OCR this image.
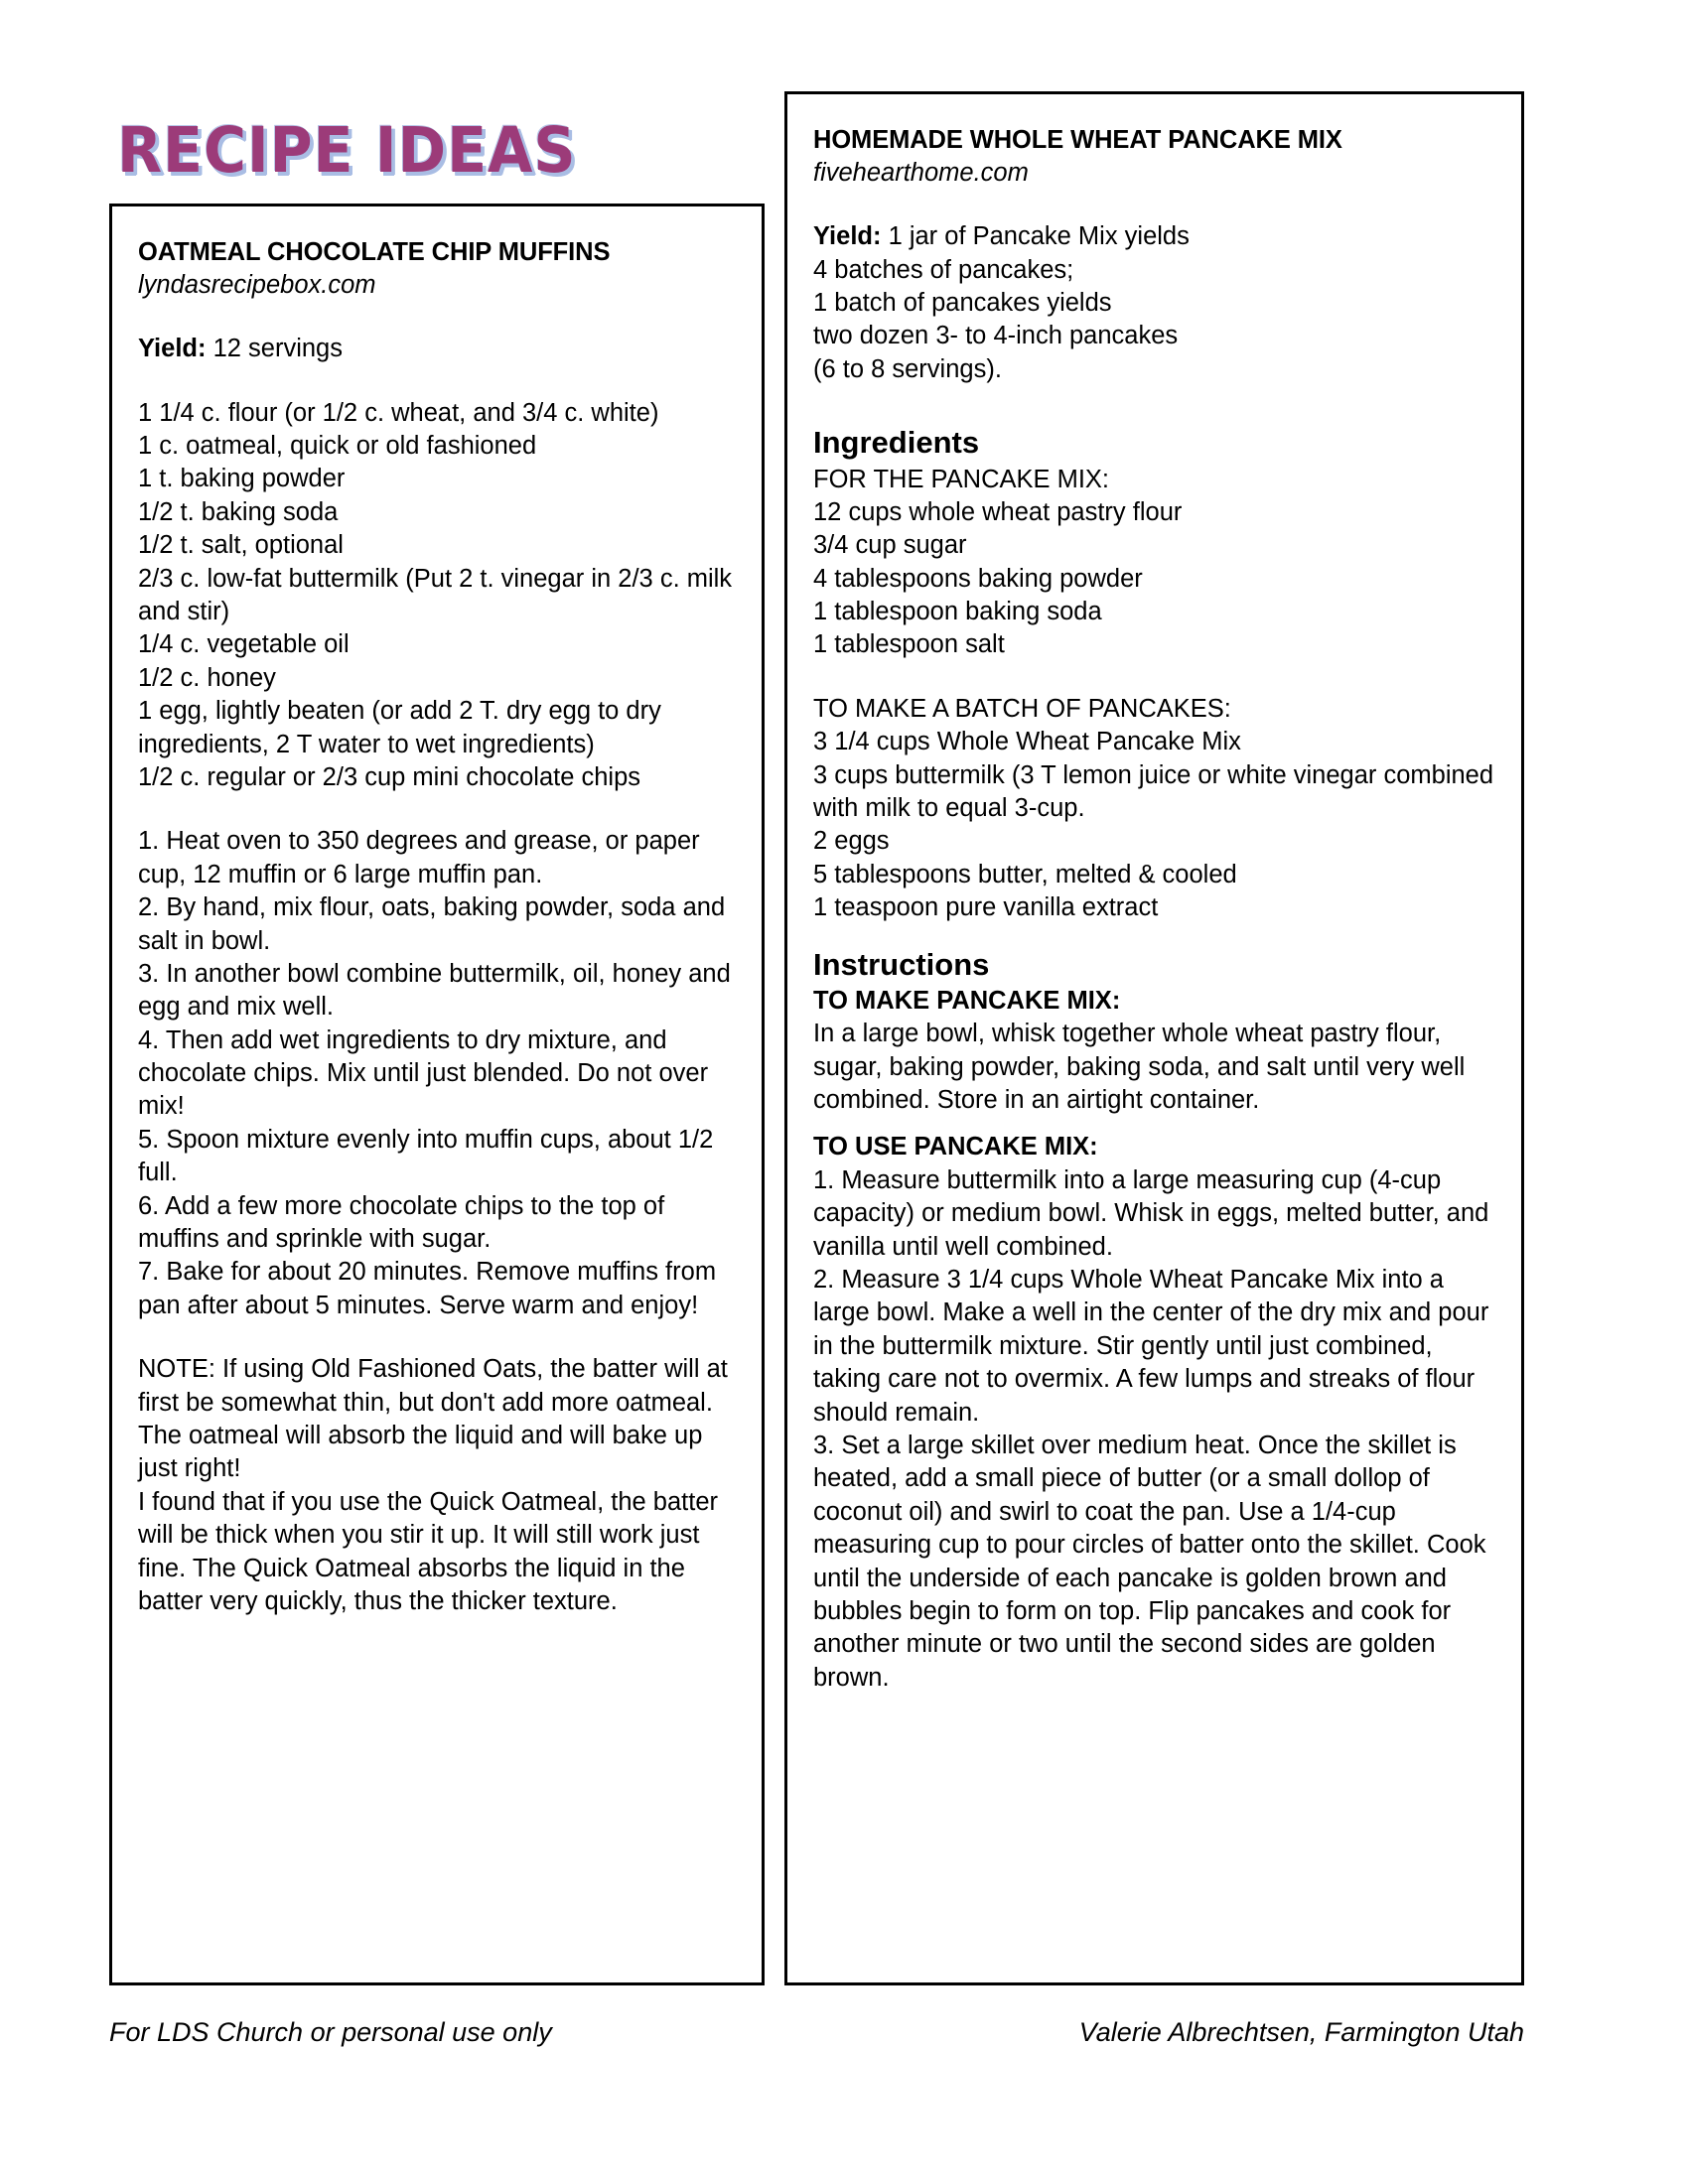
RECIPE IDEAS
OATMEAL CHOCOLATE CHIP MUFFINS
lyndasrecipebox.com
Yield: 12 servings
1 1/4 c. flour (or 1/2 c. wheat, and 3/4 c. white)
1 c. oatmeal, quick or old fashioned
1 t. baking powder
1/2 t. baking soda
1/2 t. salt, optional
2/3 c. low-fat buttermilk (Put 2 t. vinegar in 2/3 c. milk and stir)
1/4 c. vegetable oil
1/2 c. honey
1 egg, lightly beaten (or add 2 T. dry egg to dry ingredients, 2 T water to wet ingredients)
1/2 c. regular or 2/3 cup mini chocolate chips
1. Heat oven to 350 degrees and grease, or paper cup, 12 muffin or 6 large muffin pan.
2. By hand, mix flour, oats, baking powder, soda and salt in bowl.
3. In another bowl combine buttermilk, oil, honey and egg and mix well.
4. Then add wet ingredients to dry mixture, and chocolate chips. Mix until just blended. Do not over mix!
5. Spoon mixture evenly into muffin cups, about 1/2 full.
6. Add a few more chocolate chips to the top of muffins and sprinkle with sugar.
7. Bake for about 20 minutes. Remove muffins from pan after about 5 minutes. Serve warm and enjoy!
NOTE: If using Old Fashioned Oats, the batter will at first be somewhat thin, but don't add more oatmeal. The oatmeal will absorb the liquid and will bake up just right!
I found that if you use the Quick Oatmeal, the batter will be thick when you stir it up. It will still work just fine. The Quick Oatmeal absorbs the liquid in the batter very quickly, thus the thicker texture.
HOMEMADE WHOLE WHEAT PANCAKE MIX
fivehearthome.com
Yield: 1 jar of Pancake Mix yields
4 batches of pancakes;
1 batch of pancakes yields
two dozen 3- to 4-inch pancakes
(6 to 8 servings).
Ingredients
FOR THE PANCAKE MIX:
12 cups whole wheat pastry flour
3/4 cup sugar
4 tablespoons baking powder
1 tablespoon baking soda
1 tablespoon salt
TO MAKE A BATCH OF PANCAKES:
3 1/4 cups Whole Wheat Pancake Mix
3 cups buttermilk (3 T lemon juice or white vinegar combined with milk to equal 3-cup.
2 eggs
5 tablespoons butter, melted & cooled
1 teaspoon pure vanilla extract
Instructions
TO MAKE PANCAKE MIX:
In a large bowl, whisk together whole wheat pastry flour, sugar, baking powder, baking soda, and salt until very well combined. Store in an airtight container.
TO USE PANCAKE MIX:
1. Measure buttermilk into a large measuring cup (4-cup capacity) or medium bowl. Whisk in eggs, melted butter, and vanilla until well combined.
2. Measure 3 1/4 cups Whole Wheat Pancake Mix into a large bowl. Make a well in the center of the dry mix and pour in the buttermilk mixture. Stir gently until just combined, taking care not to overmix. A few lumps and streaks of flour should remain.
3. Set a large skillet over medium heat. Once the skillet is heated, add a small piece of butter (or a small dollop of coconut oil) and swirl to coat the pan. Use a 1/4-cup measuring cup to pour circles of batter onto the skillet. Cook until the underside of each pancake is golden brown and bubbles begin to form on top. Flip pancakes and cook for another minute or two until the second sides are golden brown.
For LDS Church or personal use only	Valerie Albrechtsen, Farmington Utah
